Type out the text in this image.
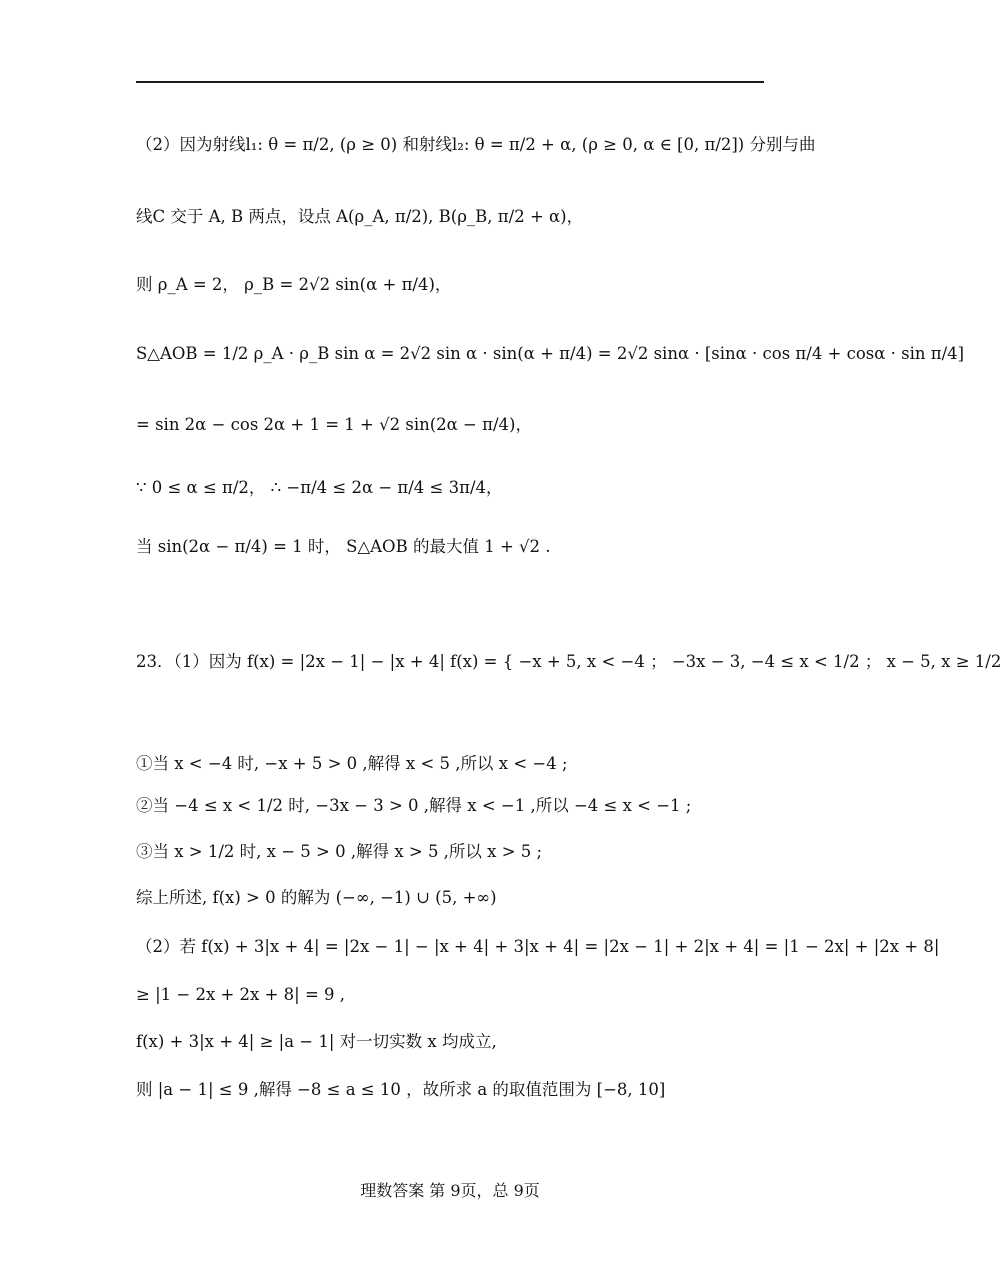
（2）因为射线l₁: θ = π/2, (ρ ≥ 0) 和射线l₂: θ = π/2 + α, (ρ ≥ 0, α ∈ [0, π/2]) 分别与曲
线C 交于 A, B 两点，设点 A(ρ_A, π/2), B(ρ_B, π/2 + α)，
则 ρ_A = 2， ρ_B = 2√2 sin(α + π/4)，
S△AOB = 1/2 ρ_A · ρ_B sin α = 2√2 sin α · sin(α + π/4) = 2√2 sinα · [sinα · cos π/4 + cosα · sin π/4]
= sin 2α − cos 2α + 1 = 1 + √2 sin(2α − π/4)，
∵ 0 ≤ α ≤ π/2， ∴ −π/4 ≤ 2α − π/4 ≤ 3π/4，
当 sin(2α − π/4) = 1 时， S△AOB 的最大值 1 + √2 .
23．（1）因为 f(x) = |2x − 1| − |x + 4| f(x) = { −x + 5, x < −4 ； −3x − 3, −4 ≤ x < 1/2 ； x − 5, x ≥ 1/2
①当 x < −4 时, −x + 5 > 0 ,解得 x < 5 ,所以 x < −4 ;
②当 −4 ≤ x < 1/2 时, −3x − 3 > 0 ,解得 x < −1 ,所以 −4 ≤ x < −1 ;
③当 x > 1/2 时, x − 5 > 0 ,解得 x > 5 ,所以 x > 5 ;
综上所述, f(x) > 0 的解为 (−∞, −1) ∪ (5, +∞)
（2）若 f(x) + 3|x + 4| = |2x − 1| − |x + 4| + 3|x + 4| = |2x − 1| + 2|x + 4| = |1 − 2x| + |2x + 8|
≥ |1 − 2x + 2x + 8| = 9 ,
f(x) + 3|x + 4| ≥ |a − 1| 对一切实数 x 均成立,
则 |a − 1| ≤ 9 ,解得 −8 ≤ a ≤ 10 ，故所求 a 的取值范围为 [−8, 10]
理数答案 第 9页，总 9页
